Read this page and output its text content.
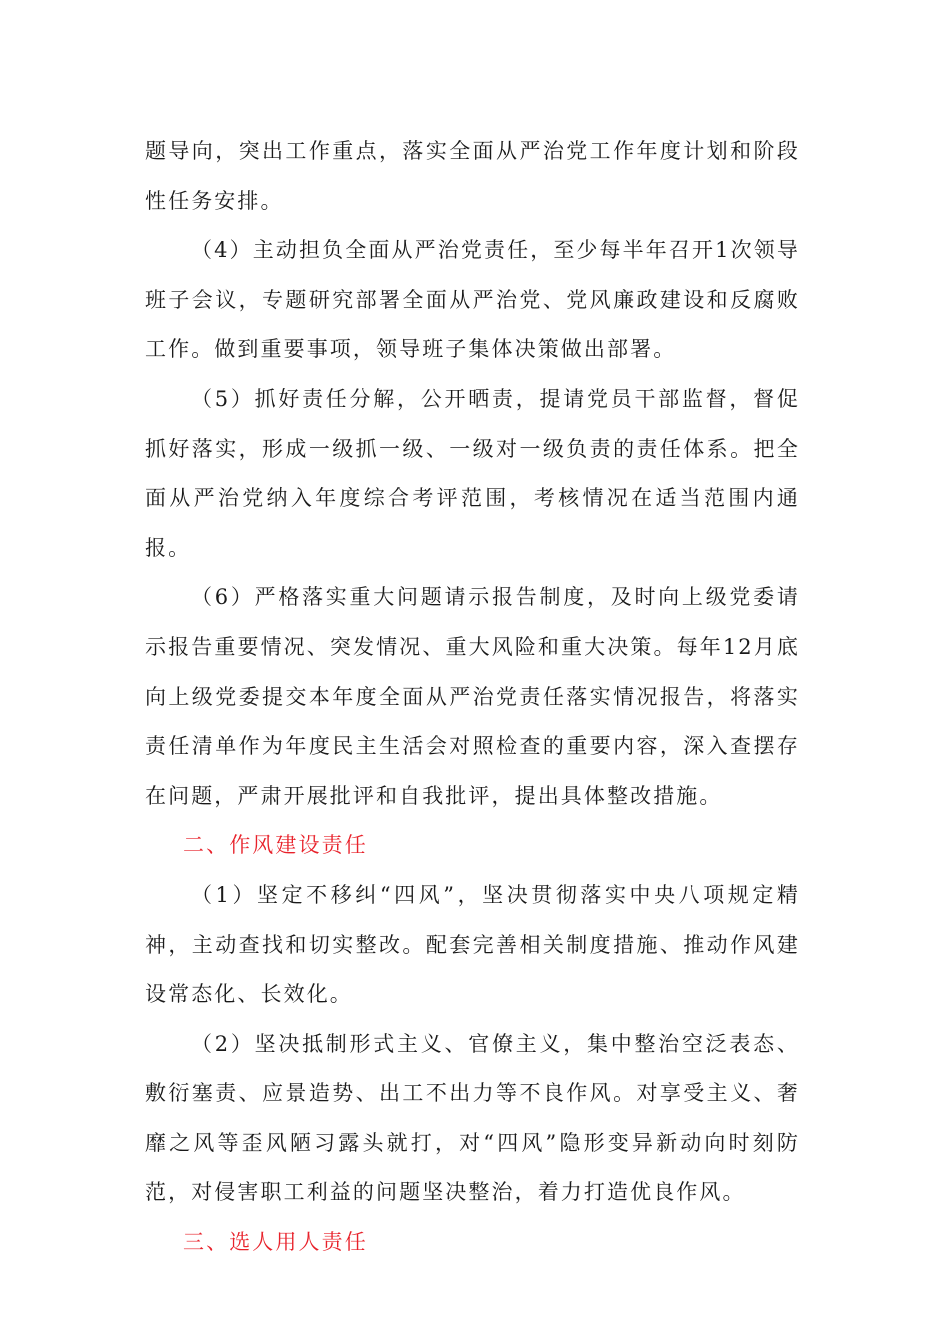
题导向，突出工作重点，落实全面从严治党工作年度计划和阶段性任务安排。

（4）主动担负全面从严治党责任，至少每半年召开1次领导班子会议，专题研究部署全面从严治党、党风廉政建设和反腐败工作。做到重要事项，领导班子集体决策做出部署。

（5）抓好责任分解，公开晒责，提请党员干部监督，督促抓好落实，形成一级抓一级、一级对一级负责的责任体系。把全面从严治党纳入年度综合考评范围，考核情况在适当范围内通报。

（6）严格落实重大问题请示报告制度，及时向上级党委请示报告重要情况、突发情况、重大风险和重大决策。每年12月底向上级党委提交本年度全面从严治党责任落实情况报告，将落实责任清单作为年度民主生活会对照检查的重要内容，深入查摆存在问题，严肃开展批评和自我批评，提出具体整改措施。

二、作风建设责任

（1）坚定不移纠“四风”，坚决贯彻落实中央八项规定精神，主动查找和切实整改。配套完善相关制度措施、推动作风建设常态化、长效化。

（2）坚决抵制形式主义、官僚主义，集中整治空泛表态、敷衍塞责、应景造势、出工不出力等不良作风。对享受主义、奢靡之风等歪风陋习露头就打，对“四风”隐形变异新动向时刻防范，对侵害职工利益的问题坚决整治，着力打造优良作风。

三、选人用人责任
